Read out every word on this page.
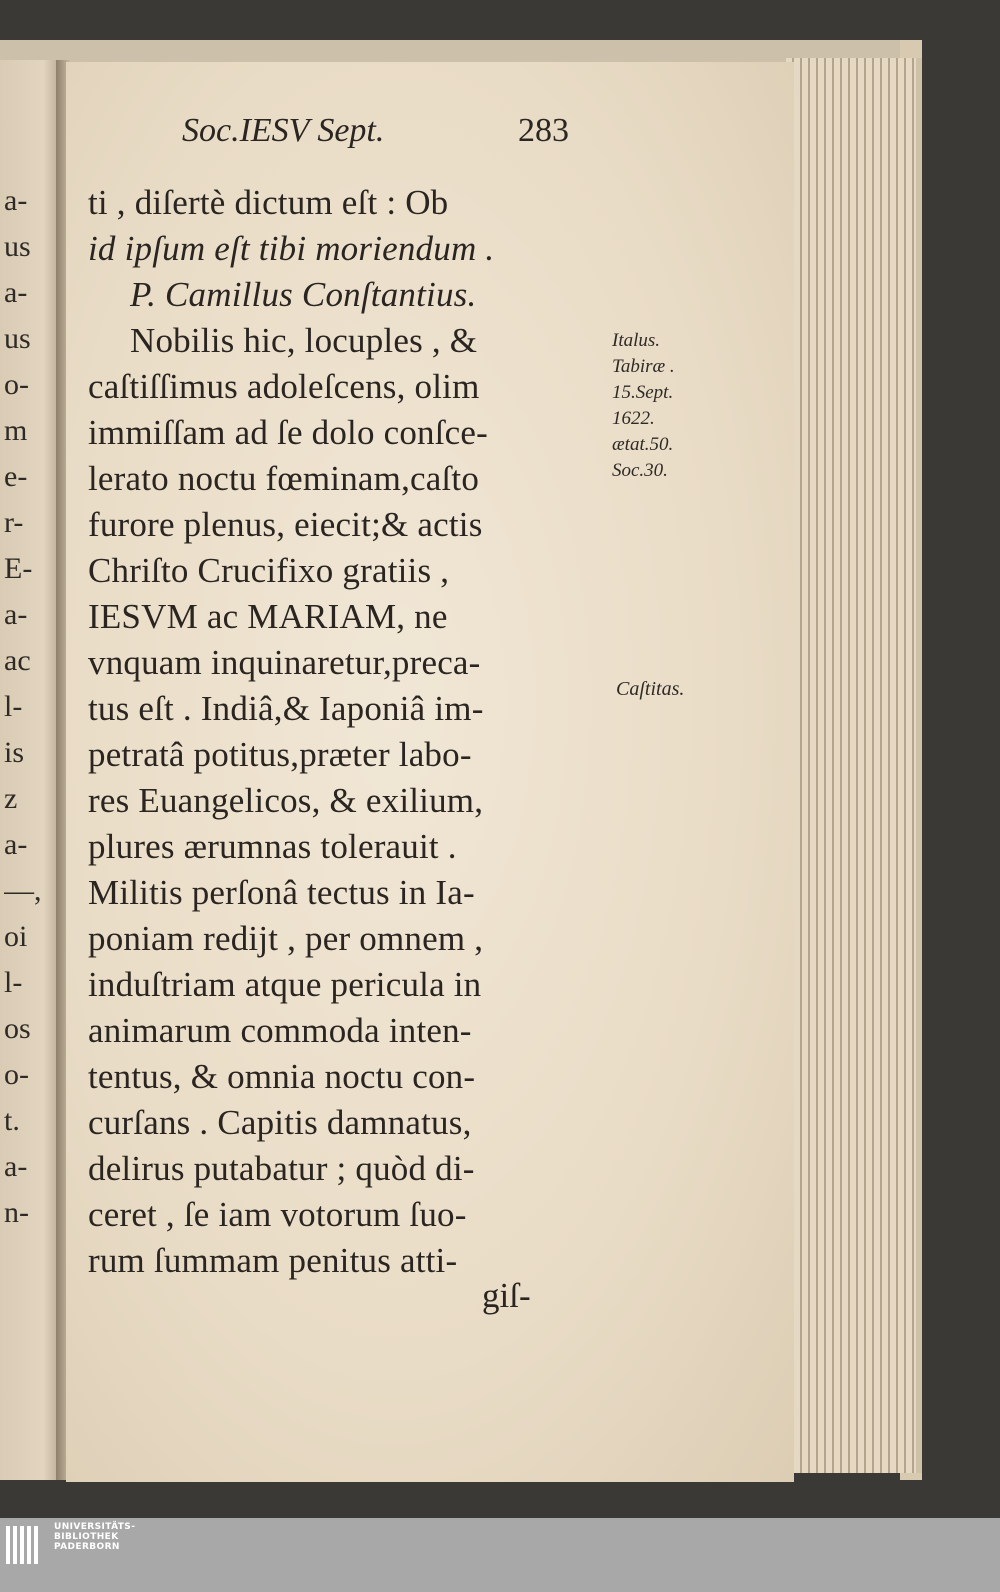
a-
us
a-
us
o-
m
e-
r-
E-
a-
ac
l-
is
z
a-
—,
oi
l-
os
o-
t.
a-
n-
Soc.IESV Sept.	283
ti , diſertè dictum eſt : Ob
id ipſum eſt tibi moriendum .
P. Camillus Conſtantius.
Nobilis hic, locuples , &
caſtiſſimus adoleſcens, olim
immiſſam ad ſe dolo conſce-
lerato noctu fœminam,caſto
furore plenus, eiecit;& actis
Chriſto Crucifixo gratiis ,
IESVM ac MARIAM, ne
vnquam inquinaretur,preca-
tus eſt . Indiâ,& Iaponiâ im-
petratâ potitus,præter labo-
res Euangelicos, & exilium,
plures ærumnas tolerauit .
Militis perſonâ tectus in Ia-
poniam redijt , per omnem ,
induſtriam atque pericula in
animarum commoda inten-
tentus, & omnia noctu con-
curſans . Capitis damnatus,
delirus putabatur ; quòd di-
ceret , ſe iam votorum ſuo-
rum ſummam penitus atti-
giſ-
Italus.
Tabiræ .
15.Sept.
1622.
ætat.50.
Soc.30.
Caſtitas.
UNIVERSITÄTS-
BIBLIOTHEK
PADERBORN
